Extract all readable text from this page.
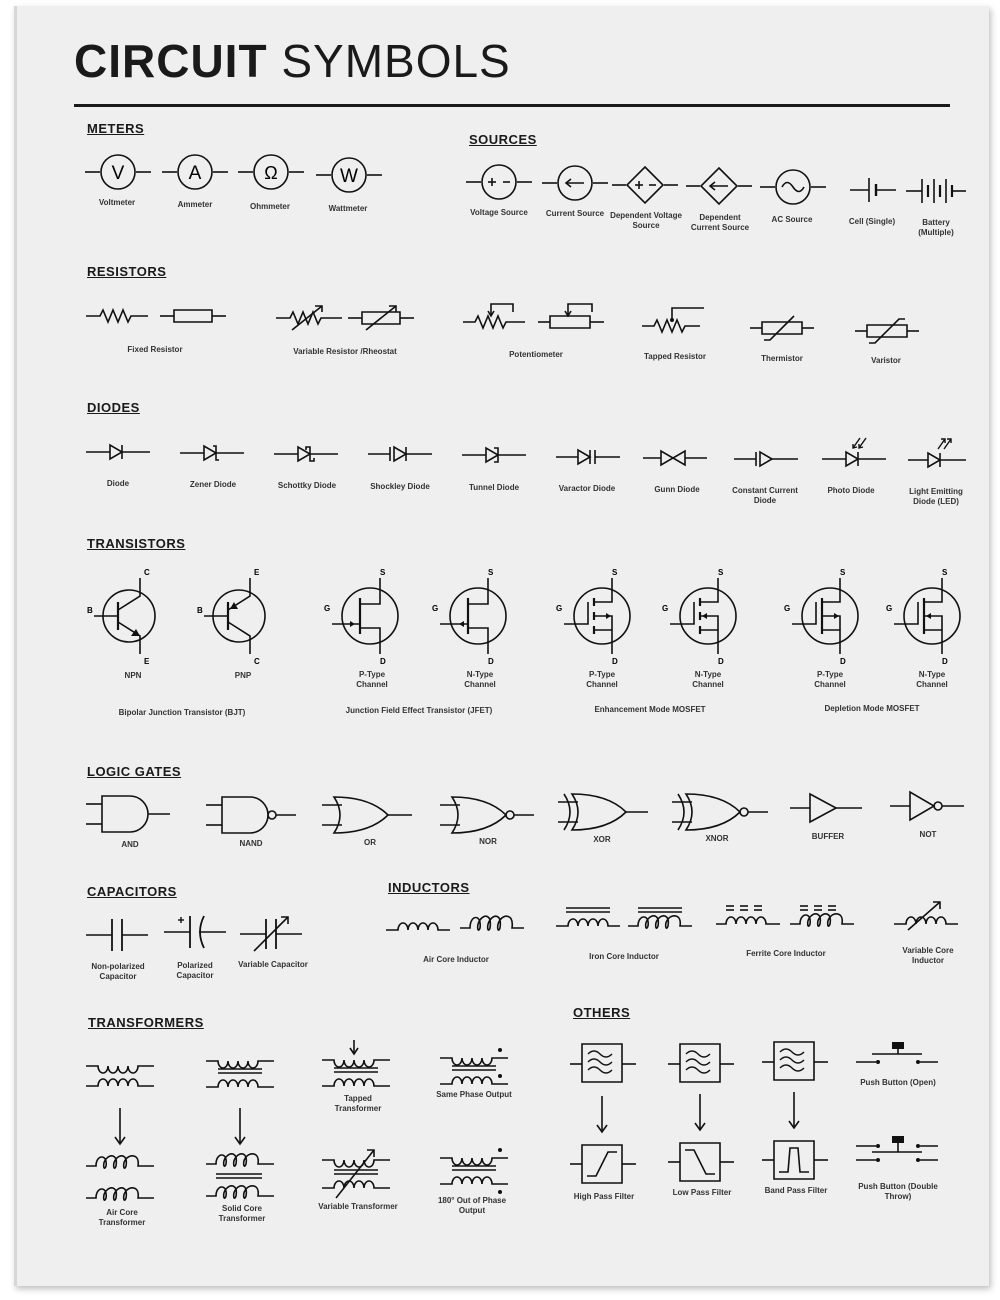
CIRCUIT SYMBOLS
METERS
SOURCES
RESISTORS
DIODES
TRANSISTORS
LOGIC GATES
CAPACITORS	INDUCTORS
TRANSFORMERS
OTHERS
V	A	Ω	W
Voltmeter	Ammeter	Ohmmeter	Wattmeter	Voltage Source	Current Source Dependent Voltage Source
Dependent Current Source
AC Source	Cell (Single)	Battery (Multiple)
Fixed Resistor	Variable Resistor /Rheostat	Potentiometer	Tapped Resistor	Thermistor	Varistor
Diode	Zener Diode	Schottky Diode	Shockley Diode	Tunnel Diode	Varactor Diode	Gunn Diode	Constant Current Diode
Photo Diode	Light Emitting Diode (LED)
C
B
E
E
B
C
S
G
D
S
G
D
S
G
D
S
G
D
S
G
D
S
G
D
NPN	PNP	P-Type Channel
N-Type Channel
P-Type Channel
N-Type Channel
P-Type Channel
N-Type Channel
Bipolar Junction Transistor (BJT)	Junction Field Effect Transistor (JFET)	Enhancement Mode MOSFET	Depletion Mode MOSFET
AND	NAND	OR	NOR	XOR	XNOR	BUFFER	NOT
Non-polarized Capacitor
Polarized Capacitor
Variable Capacitor
Air Core Inductor	Iron Core Inductor	Ferrite Core Inductor	Variable Core Inductor
Tapped Transformer
Same Phase Output
Air Core Transformer
Solid Core Transformer
Variable Transformer
180° Out of Phase Output
Push Button (Open)
High Pass Filter	Low Pass Filter	Band Pass Filter	Push Button (Double Throw)
